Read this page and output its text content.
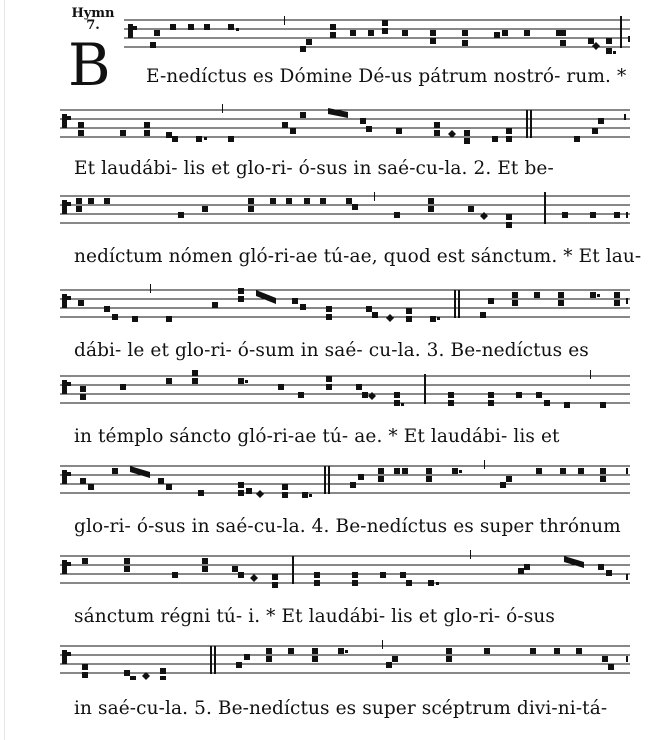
Hymn
7.
B E-nedíctus es Dómine Dé-us pátrum nostró- rum. *
Et laudábi- lis et glo-ri- ó-sus in saé-cu-la. 2. Et be-
nedíctum nómen gló-ri-ae tú-ae, quod est sánctum. * Et lau-
dábi- le et glo-ri- ó-sum in saé- cu-la. 3. Be-nedíctus es
in témplo sáncto gló-ri-ae tú- ae. * Et laudábi- lis et
glo-ri- ó-sus in saé-cu-la. 4. Be-nedíctus es super thrónum
sánctum régni tú- i. * Et laudábi- lis et glo-ri- ó-sus
in saé-cu-la. 5. Be-nedíctus es super scéptrum divi-ni-tá-
